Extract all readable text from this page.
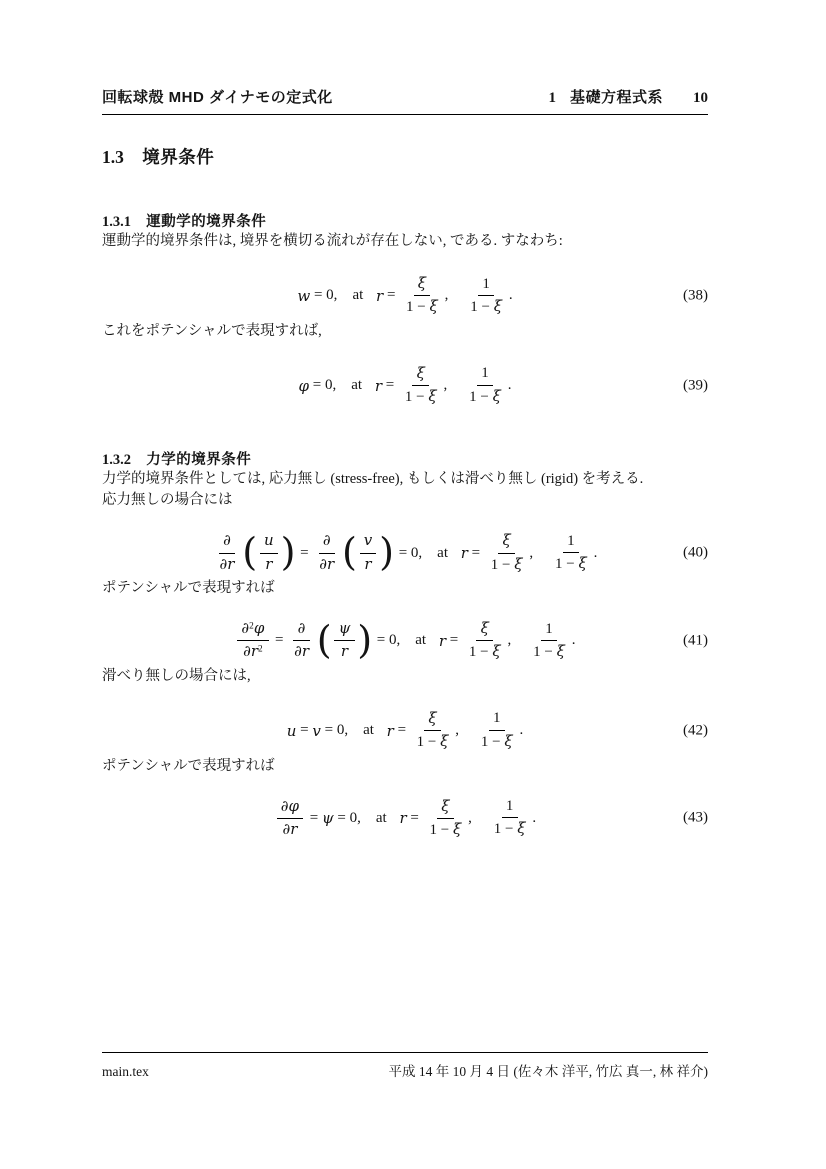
回転球殻 MHD ダイナモの定式化	1 基礎方程式系 10
1.3 境界条件
1.3.1 運動学的境界条件

運動学的境界条件は, 境界を横切る流れが存在しない, である. すなわち:

w = 0, at $r = \frac{\xi}{1 - \xi}$ ,
1
1 − ξ
.	(38)

これをポテンシャルで表現すれば,

φ = 0, at $r = \frac{\xi}{1 - \xi}$ ,
1
1 − ξ
.	(39)
1.3.2 力学的境界条件

力学的境界条件としては, 応力無し (stress-free), もしくは滑べり無し (rigid) を考える.

応力無しの場合には

∂
∂r ( $\frac{u}{r}$ ) =
∂
∂r ( $\frac{v}{r}$ ) = 0, at $r = \frac{\xi}{1 - \xi}$ ,
1
1 − ξ
.	(40)

ポテンシャルで表現すれば

$\frac{\partial^2\varphi}{\partial r^2}$ =
∂
∂r ( $\frac{\psi}{r}$ ) = 0, at $r = \frac{\xi}{1 - \xi}$ ,
1
1 − ξ
.	(41)

滑べり無しの場合には,

u = v = 0, at $r = \frac{\xi}{1 - \xi}$ ,
1
1 − ξ
.	(42)

ポテンシャルで表現すれば

$\frac{\partial\varphi}{\partial r} = \psi = 0$, at $r = \frac{\xi}{1 - \xi}$ ,
1
1 − ξ
.	(43)
main.tex	平成 14 年 10 月 4 日 (佐々木 洋平, 竹広 真一, 林 祥介)
